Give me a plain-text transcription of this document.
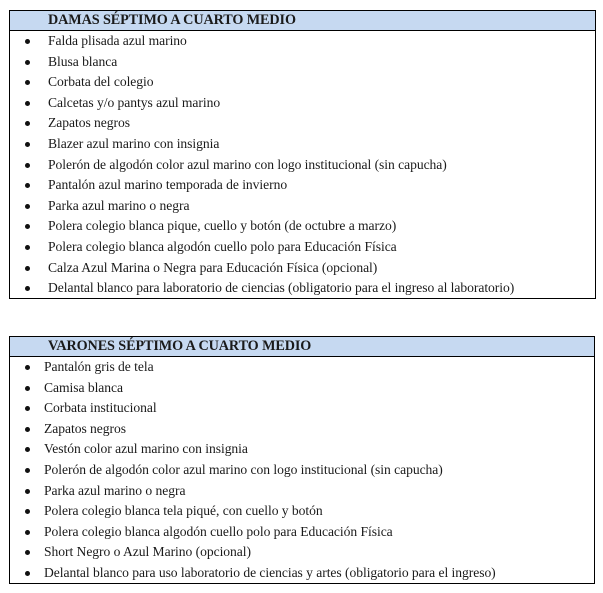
DAMAS SÉPTIMO A CUARTO MEDIO
Falda plisada azul marino
Blusa blanca
Corbata del colegio
Calcetas y/o pantys azul marino
Zapatos negros
Blazer azul marino con insignia
Polerón de algodón color azul marino con logo institucional (sin capucha)
Pantalón azul marino temporada de invierno
Parka azul marino o negra
Polera colegio blanca pique, cuello y botón (de octubre a marzo)
Polera colegio blanca algodón cuello polo para Educación Física
Calza Azul Marina o Negra para Educación Física (opcional)
Delantal blanco para laboratorio de ciencias (obligatorio para el ingreso al laboratorio)
VARONES SÉPTIMO A CUARTO MEDIO
Pantalón gris de tela
Camisa blanca
Corbata institucional
Zapatos negros
Vestón color azul marino con insignia
Polerón de algodón color azul marino con logo institucional (sin capucha)
Parka azul marino o negra
Polera colegio blanca tela piqué, con cuello y botón
Polera colegio blanca algodón cuello polo para Educación Física
Short Negro o Azul Marino (opcional)
Delantal blanco para uso laboratorio de ciencias y artes (obligatorio para el ingreso)
